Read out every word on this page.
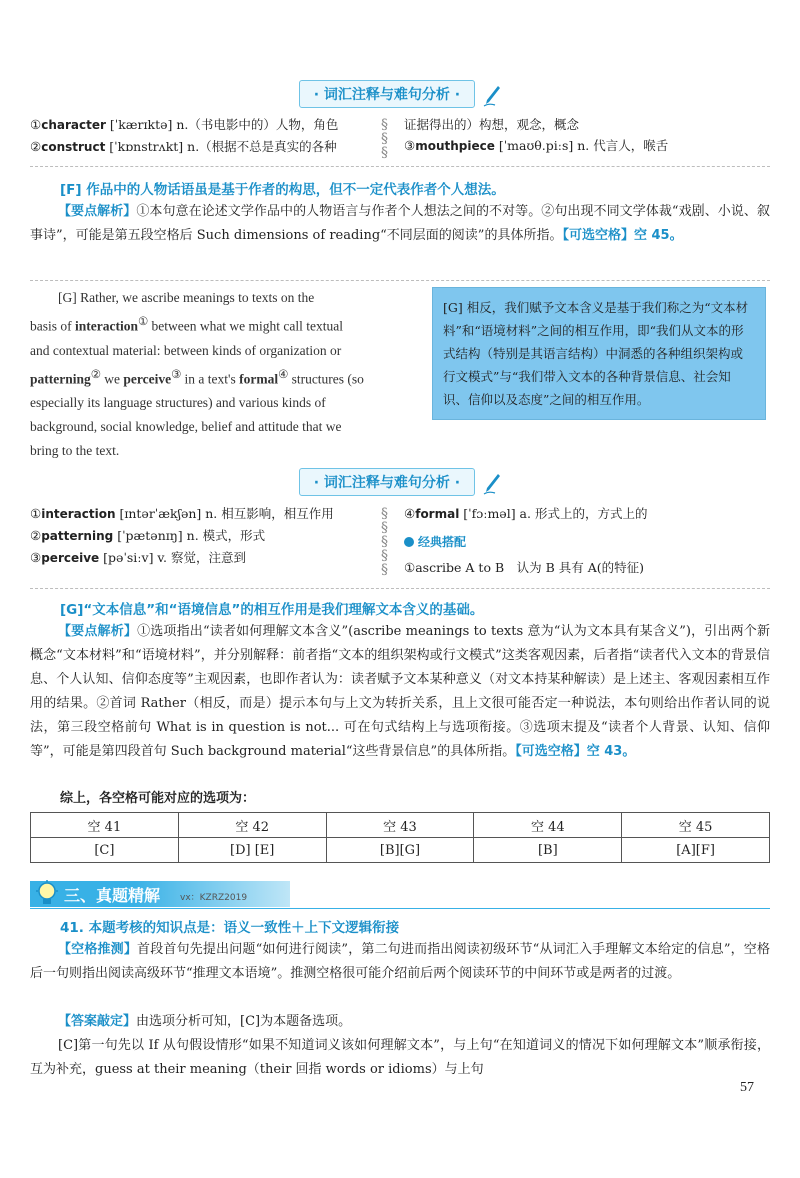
· 词汇注释与难句分析 ·
①character [ˈkærɪktə] n.（书电影中的）人物，角色
②construct [ˈkɒnstrʌkt] n.（根据不总是真实的各种
§
§
§
证据得出的）构想，观念，概念
③mouthpiece [ˈmaʊθ.piːs] n. 代言人，喉舌
[F] 作品中的人物话语虽是基于作者的构思，但不一定代表作者个人想法。
【要点解析】①本句意在论述文学作品中的人物语言与作者个人想法之间的不对等。②句出现不同文学体裁“戏剧、小说、叙事诗”，可能是第五段空格后 Such dimensions of reading“不同层面的阅读”的具体所指。【可选空格】空 45。
[G] Rather, we ascribe meanings to texts on the
basis of interaction① between what we might call textual
and contextual material: between kinds of organization or
patterning② we perceive③ in a text's formal④ structures (so
especially its language structures) and various kinds of
background, social knowledge, belief and attitude that we
bring to the text.
[G] 相反，我们赋予文本含义是基于我们称之为“文本材料”和“语境材料”之间的相互作用，即“我们从文本的形式结构（特别是其语言结构）中洞悉的各种组织架构或行文模式”与“我们带入文本的各种背景信息、社会知识、信仰以及态度”之间的相互作用。
· 词汇注释与难句分析 ·
①interaction [ɪntərˈækʃən] n. 相互影响，相互作用
②patterning [ˈpætənɪŋ] n. 模式，形式
③perceive [pəˈsiːv] v. 察觉，注意到
§
§
§
§
§
④formal [ˈfɔːməl] a. 形式上的，方式上的
经典搭配
①ascribe A to B　认为 B 具有 A(的特征)
[G]“文本信息”和“语境信息”的相互作用是我们理解文本含义的基础。
【要点解析】①选项指出“读者如何理解文本含义”(ascribe meanings to texts 意为“认为文本具有某含义”)，引出两个新概念“文本材料”和“语境材料”，并分别解释：前者指“文本的组织架构或行文模式”这类客观因素，后者指“读者代入文本的背景信息、个人认知、信仰态度等”主观因素，也即作者认为：读者赋予文本某种意义（对文本持某种解读）是上述主、客观因素相互作用的结果。②首词 Rather（相反，而是）提示本句与上文为转折关系，且上文很可能否定一种说法，本句则给出作者认同的说法，第三段空格前句 What is in question is not... 可在句式结构上与选项衔接。③选项末提及“读者个人背景、认知、信仰等”，可能是第四段首句 Such background material“这些背景信息”的具体所指。【可选空格】空 43。
综上，各空格可能对应的选项为：
空 41	空 42	空 43	空 44	空 45
[C]	[D] [E]	[B][G]	[B]	[A][F]
三、真题精解 vx：KZRZ2019
41. 本题考核的知识点是：语义一致性＋上下文逻辑衔接
【空格推测】首段首句先提出问题“如何进行阅读”，第二句进而指出阅读初级环节“从词汇入手理解文本给定的信息”，空格后一句则指出阅读高级环节“推理文本语境”。推测空格很可能介绍前后两个阅读环节的中间环节或是两者的过渡。
【答案敲定】由选项分析可知，[C]为本题备选项。
[C]第一句先以 If 从句假设情形“如果不知道词义该如何理解文本”，与上句“在知道词义的情况下如何理解文本”顺承衔接，互为补充，guess at their meaning（their 回指 words or idioms）与上句
57
